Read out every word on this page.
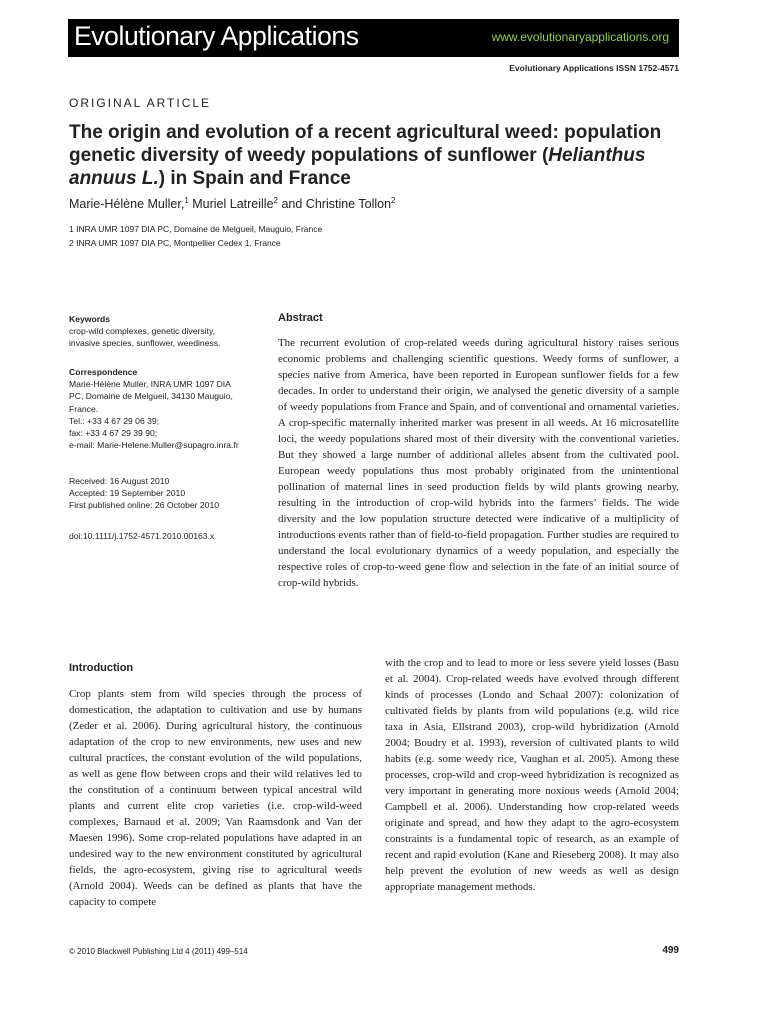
Evolutionary Applications	www.evolutionaryapplications.org
Evolutionary Applications ISSN 1752-4571
ORIGINAL ARTICLE
The origin and evolution of a recent agricultural weed: population genetic diversity of weedy populations of sunflower (Helianthus annuus L.) in Spain and France
Marie-Hélène Muller,$^1$ Muriel Latreille$^2$ and Christine Tollon$^2$
1 INRA UMR 1097 DIA PC, Domaine de Melgueil, Mauguio, France
2 INRA UMR 1097 DIA PC, Montpellier Cedex 1, France
Keywords
crop-wild complexes, genetic diversity,
invasive species, sunflower, weediness.
Correspondence
Marie-Hélène Muller, INRA UMR 1097 DIA
PC, Domaine de Melgueil, 34130 Mauguio,
France.
Tel.: +33 4 67 29 06 39;
fax: +33 4 67 29 39 90;
e-mail: Marie-Helene.Muller@supagro.inra.fr
Received: 16 August 2010
Accepted: 19 September 2010
First published online: 26 October 2010
doi:10.1111/j.1752-4571.2010.00163.x
Abstract

The recurrent evolution of crop-related weeds during agricultural history raises serious economic problems and challenging scientific questions. Weedy forms of sunflower, a species native from America, have been reported in European sunflower fields for a few decades. In order to understand their origin, we analysed the genetic diversity of a sample of weedy populations from France and Spain, and of conventional and ornamental varieties. A crop-specific maternally inherited marker was present in all weeds. At 16 microsatellite loci, the weedy populations shared most of their diversity with the conventional varieties. But they showed a large number of additional alleles absent from the cultivated pool. European weedy populations thus most probably originated from the unintentional pollination of maternal lines in seed production fields by wild plants growing nearby, resulting in the introduction of crop-wild hybrids into the farmers’ fields. The wide diversity and the low population structure detected were indicative of a multiplicity of introductions events rather than of field-to-field propagation. Further studies are required to understand the local evolutionary dynamics of a weedy population, and especially the respective roles of crop-to-weed gene flow and selection in the fate of an initial source of crop-wild hybrids.

Introduction

Crop plants stem from wild species through the process of domestication, the adaptation to cultivation and use by humans (Zeder et al. 2006). During agricultural history, the continuous adaptation of the crop to new environments, new uses and new cultural practices, the constant evolution of the wild populations, as well as gene flow between crops and their wild relatives led to the constitution of a continuum between typical ancestral wild plants and current elite crop varieties (i.e. crop-wild-weed complexes, Barnaud et al. 2009; Van Raamsdonk and Van der Maesen 1996). Some crop-related populations have adapted in an undesired way to the new environment constituted by agricultural fields, the agro-ecosystem, giving rise to agricultural weeds (Arnold 2004). Weeds can be defined as plants that have the capacity to compete

with the crop and to lead to more or less severe yield losses (Basu et al. 2004). Crop-related weeds have evolved through different kinds of processes (Londo and Schaal 2007): colonization of cultivated fields by plants from wild populations (e.g. wild rice taxa in Asia, Ellstrand 2003), crop-wild hybridization (Arnold 2004; Boudry et al. 1993), reversion of cultivated plants to wild habits (e.g. some weedy rice, Vaughan et al. 2005). Among these processes, crop-wild and crop-weed hybridization is recognized as very important in generating more noxious weeds (Arnold 2004; Campbell et al. 2006). Understanding how crop-related weeds originate and spread, and how they adapt to the agro-ecosystem constraints is a fundamental topic of research, as an example of recent and rapid evolution (Kane and Rieseberg 2008). It may also help prevent the evolution of new weeds as well as design appropriate management methods.

© 2010 Blackwell Publishing Ltd 4 (2011) 499–514	499
